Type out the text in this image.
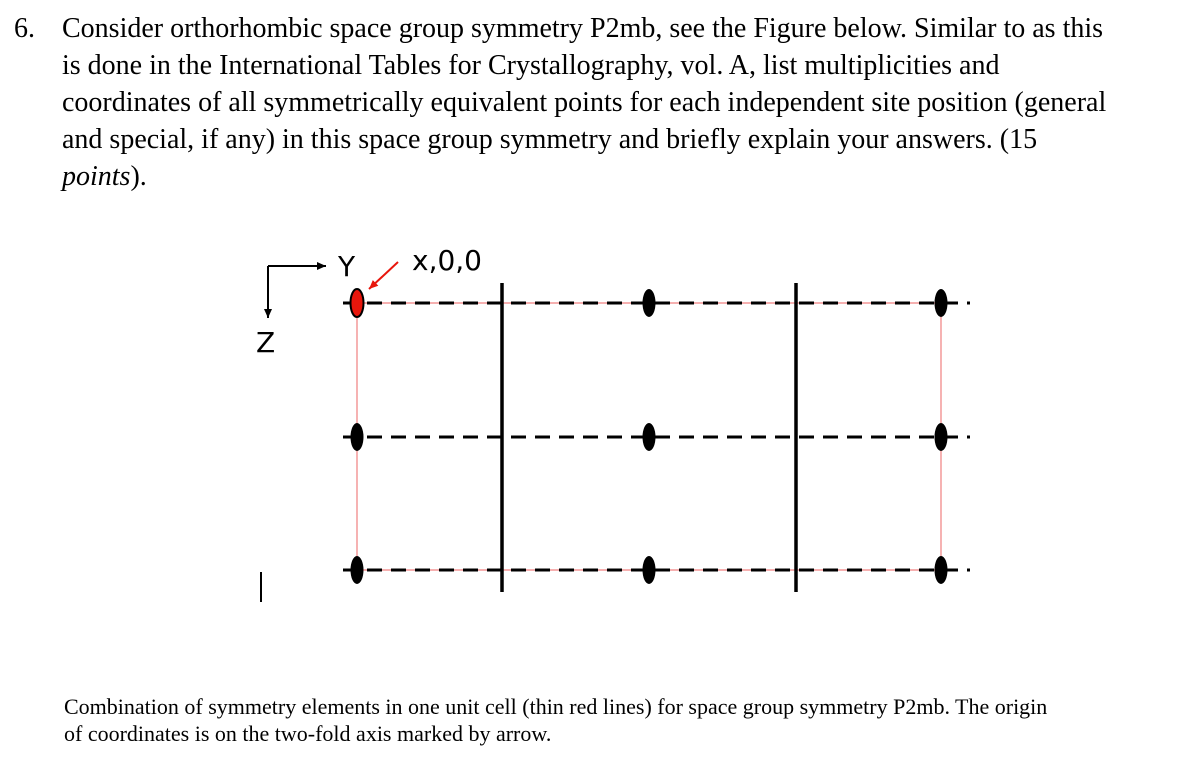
6. Consider orthorhombic space group symmetry P2mb, see the Figure below. Similar to as this
is done in the International Tables for Crystallography, vol. A, list multiplicities and
coordinates of all symmetrically equivalent points for each independent site position (general
and special, if any) in this space group symmetry and briefly explain your answers. (15
points).
Y
Z
x,0,0
Combination of symmetry elements in one unit cell (thin red lines) for space group symmetry P2mb. The origin
of coordinates is on the two-fold axis marked by arrow.
